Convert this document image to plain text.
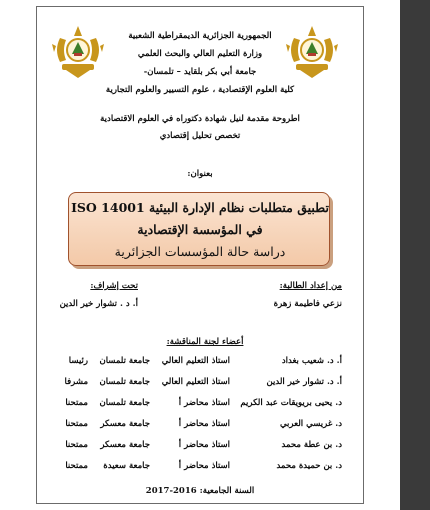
الجمهورية الجزائرية الديمقراطية الشعبية
وزارة التعليم العالي والبحث العلمي
جامعة أبي بكر بلقايد – تلمسان-
كلية العلوم الإقتصادية ، علوم التسيير والعلوم التجارية
اطروحة مقدمة لنيل شهادة دكتوراه في العلوم الاقتصادية
تخصص تحليل إقتصادي
بعنوان:
تطبيق متطلبات نظام الإدارة البيئية ISO 14001
في المؤسسة الإقتصادية
دراسة حالة المؤسسات الجزائرية
من إعداد الطالبة:
نزعي فاطيمة زهرة
تحت إشراف:
أ. د . تشوار خير الدين
أعضاء لجنة المناقشة:
أ. د. شعيب بغداد
استاذ التعليم العالي
جامعة تلمسان
رئيسا
أ. د. تشوار خير الدين
استاذ التعليم العالي
جامعة تلمسان
مشرفا
د. يحيى بريويقات عبد الكريم
استاذ محاضر أ
جامعة تلمسان
ممتحنا
د. غريسي العربي
استاذ محاضر أ
جامعة معسكر
ممتحنا
د. بن عطة محمد
استاذ محاضر أ
جامعة معسكر
ممتحنا
د. بن حميدة محمد
استاذ محاضر أ
جامعة سعيدة
ممتحنا
السنة الجامعية: 2016-2017
